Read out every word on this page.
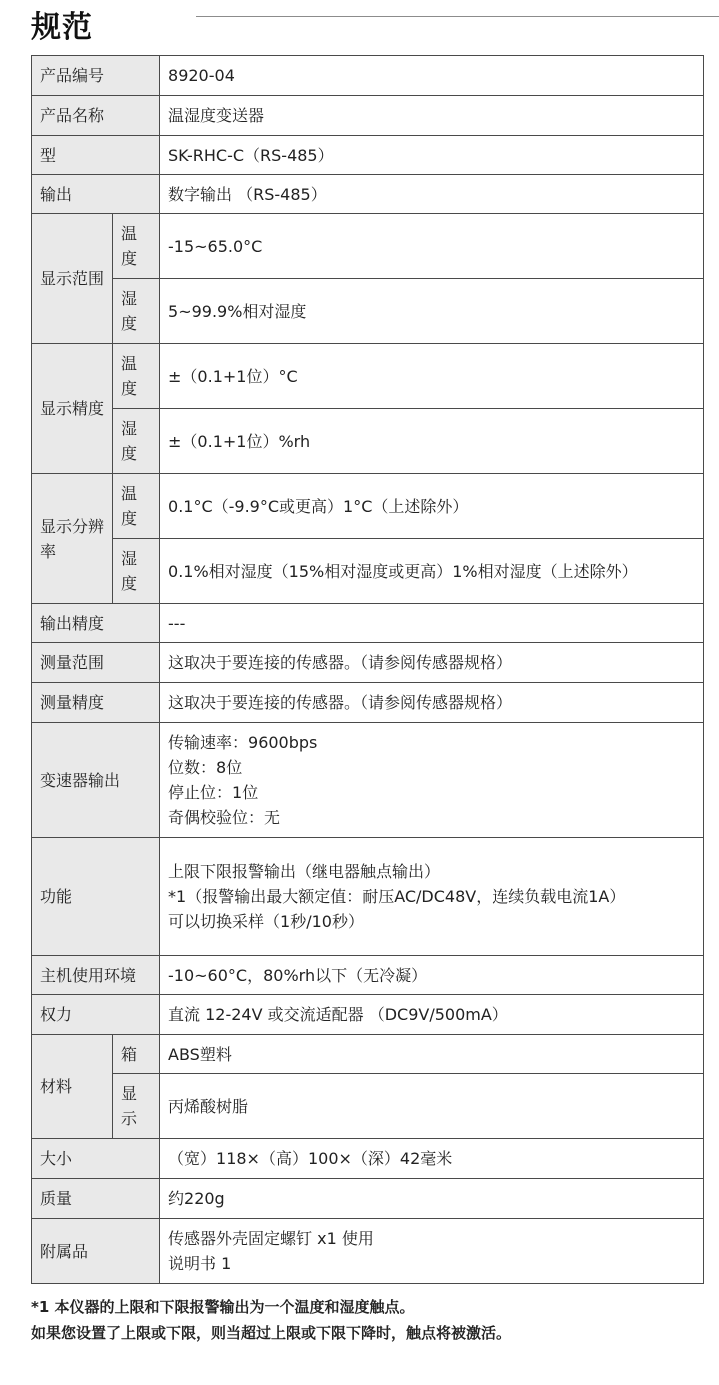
规范
产品编号		8920-04
产品名称		温湿度变送器
型		SK-RHC-C（RS-485）
输出		数字输出 （RS-485）
显示范围	温度	-15~65.0°C
	湿度	5~99.9%相对湿度
显示精度	温度	±（0.1+1位）°C
	湿度	±（0.1+1位）%rh
显示分辨率	温度	0.1°C（-9.9°C或更高）1°C（上述除外）
	湿度	0.1%相对湿度（15%相对湿度或更高）1%相对湿度（上述除外）
输出精度		---
测量范围		这取决于要连接的传感器。（请参阅传感器规格）
测量精度		这取决于要连接的传感器。（请参阅传感器规格）
变速器输出		传输速率：9600bps
位数：8位
停止位：1位
奇偶校验位：无

功能		上限下限报警输出（继电器触点输出）
*1（报警输出最大额定值：耐压AC/DC48V，连续负载电流1A）
可以切换采样（1秒/10秒）

主机使用环境		-10~60°C，80%rh以下（无冷凝）
权力		直流 12-24V 或交流适配器 （DC9V/500mA）
材料	箱	ABS塑料
	显示	丙烯酸树脂
大小		（宽）118×（高）100×（深）42毫米
质量		约220g
附属品		传感器外壳固定螺钉 x1 使用
说明书 1
*1 本仪器的上限和下限报警输出为一个温度和湿度触点。
如果您设置了上限或下限，则当超过上限或下限下降时，触点将被激活。
